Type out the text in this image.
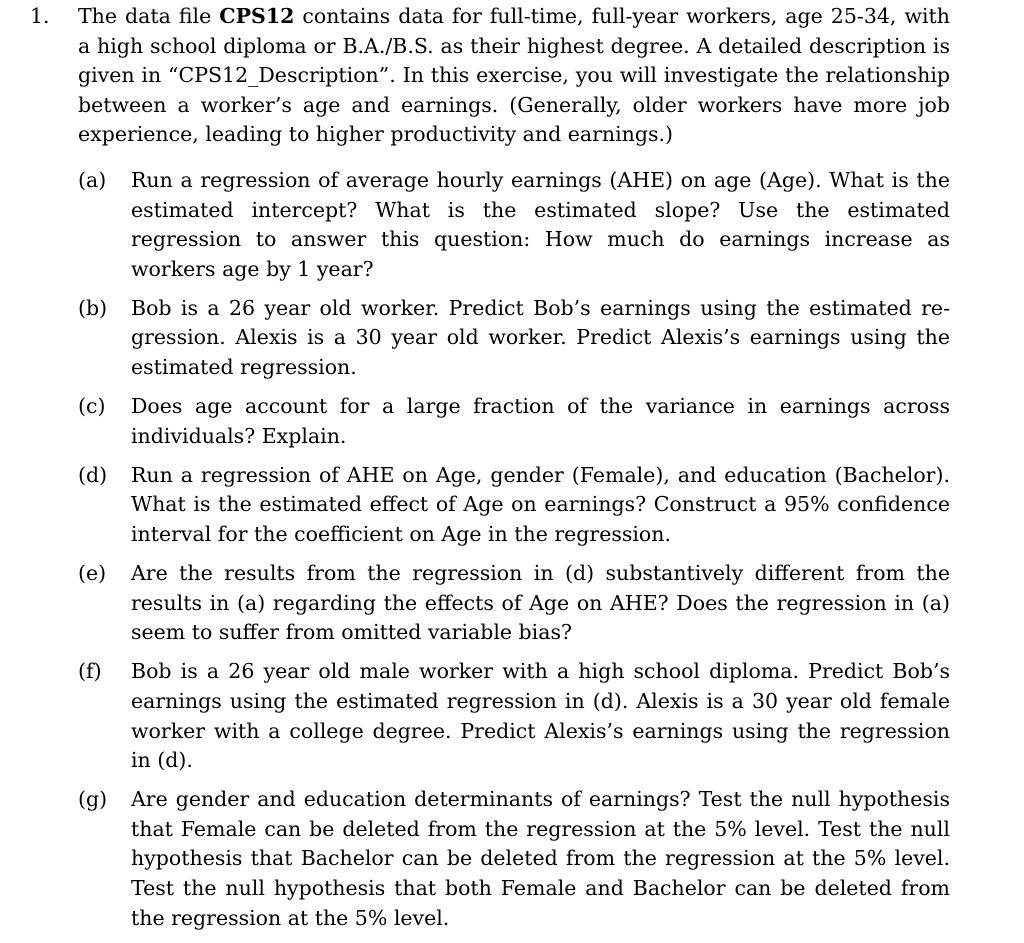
1. The data file CPS12 contains data for full-time, full-year workers, age 25-34, with a high school diploma or B.A./B.S. as their highest degree. A detailed description is given in “CPS12_Description”. In this exercise, you will investigate the relationship between a worker’s age and earnings. (Generally, older workers have more job experience, leading to higher productivity and earnings.)
(a) Run a regression of average hourly earnings (AHE) on age (Age). What is the estimated intercept? What is the estimated slope? Use the estimated regression to answer this question: How much do earnings increase as workers age by 1 year?
(b) Bob is a 26 year old worker. Predict Bob’s earnings using the estimated regression. Alexis is a 30 year old worker. Predict Alexis’s earnings using the estimated regression.
(c) Does age account for a large fraction of the variance in earnings across individuals? Explain.
(d) Run a regression of AHE on Age, gender (Female), and education (Bachelor). What is the estimated effect of Age on earnings? Construct a 95% confidence interval for the coefficient on Age in the regression.
(e) Are the results from the regression in (d) substantively different from the results in (a) regarding the effects of Age on AHE? Does the regression in (a) seem to suffer from omitted variable bias?
(f) Bob is a 26 year old male worker with a high school diploma. Predict Bob’s earnings using the estimated regression in (d). Alexis is a 30 year old female worker with a college degree. Predict Alexis’s earnings using the regression in (d).
(g) Are gender and education determinants of earnings? Test the null hypothesis that Female can be deleted from the regression at the 5% level. Test the null hypothesis that Bachelor can be deleted from the regression at the 5% level. Test the null hypothesis that both Female and Bachelor can be deleted from the regression at the 5% level.
